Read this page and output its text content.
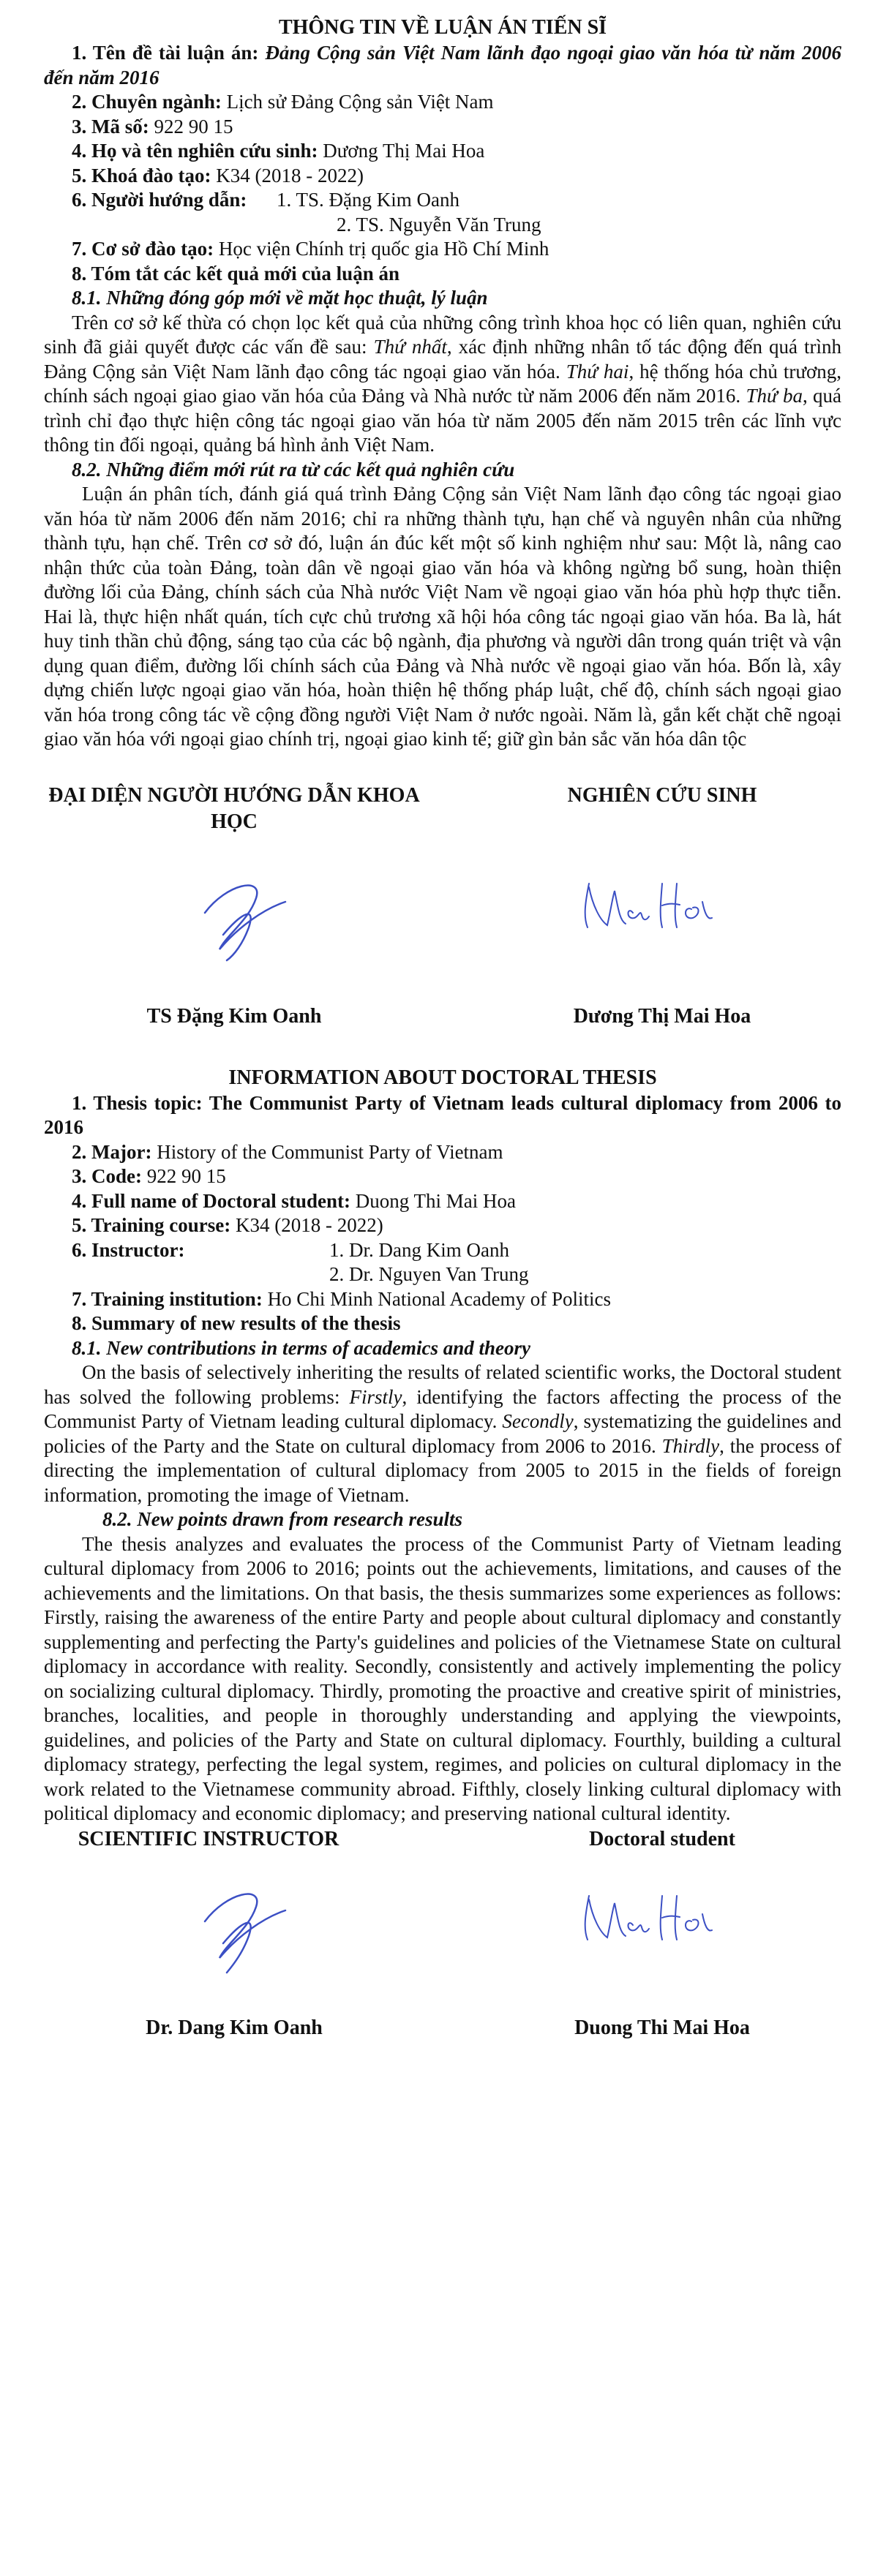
THÔNG TIN VỀ LUẬN ÁN TIẾN SĨ

1. Tên đề tài luận án: Đảng Cộng sản Việt Nam lãnh đạo ngoại giao văn hóa từ năm 2006 đến năm 2016

2. Chuyên ngành: Lịch sử Đảng Cộng sản Việt Nam

3. Mã số: 922 90 15

4. Họ và tên nghiên cứu sinh: Dương Thị Mai Hoa

5. Khoá đào tạo: K34 (2018 - 2022)

6. Người hướng dẫn: 1. TS. Đặng Kim Oanh
2. TS. Nguyễn Văn Trung

7. Cơ sở đào tạo: Học viện Chính trị quốc gia Hồ Chí Minh

8. Tóm tắt các kết quả mới của luận án

8.1. Những đóng góp mới về mặt học thuật, lý luận

Trên cơ sở kế thừa có chọn lọc kết quả của những công trình khoa học có liên quan, nghiên cứu sinh đã giải quyết được các vấn đề sau: Thứ nhất, xác định những nhân tố tác động đến quá trình Đảng Cộng sản Việt Nam lãnh đạo công tác ngoại giao văn hóa. Thứ hai, hệ thống hóa chủ trương, chính sách ngoại giao giao văn hóa của Đảng và Nhà nước từ năm 2006 đến năm 2016. Thứ ba, quá trình chỉ đạo thực hiện công tác ngoại giao văn hóa từ năm 2005 đến năm 2015 trên các lĩnh vực thông tin đối ngoại, quảng bá hình ảnh Việt Nam.

8.2. Những điểm mới rút ra từ các kết quả nghiên cứu

Luận án phân tích, đánh giá quá trình Đảng Cộng sản Việt Nam lãnh đạo công tác ngoại giao văn hóa từ năm 2006 đến năm 2016; chỉ ra những thành tựu, hạn chế và nguyên nhân của những thành tựu, hạn chế. Trên cơ sở đó, luận án đúc kết một số kinh nghiệm như sau: Một là, nâng cao nhận thức của toàn Đảng, toàn dân về ngoại giao văn hóa và không ngừng bổ sung, hoàn thiện đường lối của Đảng, chính sách của Nhà nước Việt Nam về ngoại giao văn hóa phù hợp thực tiễn. Hai là, thực hiện nhất quán, tích cực chủ trương xã hội hóa công tác ngoại giao văn hóa. Ba là, hát huy tinh thần chủ động, sáng tạo của các bộ ngành, địa phương và người dân trong quán triệt và vận dụng quan điểm, đường lối chính sách của Đảng và Nhà nước về ngoại giao văn hóa. Bốn là, xây dựng chiến lược ngoại giao văn hóa, hoàn thiện hệ thống pháp luật, chế độ, chính sách ngoại giao văn hóa trong công tác về cộng đồng người Việt Nam ở nước ngoài. Năm là, gắn kết chặt chẽ ngoại giao văn hóa với ngoại giao chính trị, ngoại giao kinh tế; giữ gìn bản sắc văn hóa dân tộc

ĐẠI DIỆN NGƯỜI HƯỚNG DẪN KHOA HỌC
NGHIÊN CỨU SINH
TS Đặng Kim Oanh	Dương Thị Mai Hoa

INFORMATION ABOUT DOCTORAL THESIS

1. Thesis topic: The Communist Party of Vietnam leads cultural diplomacy from 2006 to 2016

2. Major: History of the Communist Party of Vietnam

3. Code: 922 90 15

4. Full name of Doctoral student: Duong Thi Mai Hoa

5. Training course: K34 (2018 - 2022)

6. Instructor:	1. Dr. Dang Kim Oanh
2. Dr. Nguyen Van Trung

7. Training institution: Ho Chi Minh National Academy of Politics

8. Summary of new results of the thesis

8.1. New contributions in terms of academics and theory

On the basis of selectively inheriting the results of related scientific works, the Doctoral student has solved the following problems: Firstly, identifying the factors affecting the process of the Communist Party of Vietnam leading cultural diplomacy. Secondly, systematizing the guidelines and policies of the Party and the State on cultural diplomacy from 2006 to 2016. Thirdly, the process of directing the implementation of cultural diplomacy from 2005 to 2015 in the fields of foreign information, promoting the image of Vietnam.

8.2. New points drawn from research results

The thesis analyzes and evaluates the process of the Communist Party of Vietnam leading cultural diplomacy from 2006 to 2016; points out the achievements, limitations, and causes of the achievements and the limitations. On that basis, the thesis summarizes some experiences as follows: Firstly, raising the awareness of the entire Party and people about cultural diplomacy and constantly supplementing and perfecting the Party's guidelines and policies of the Vietnamese State on cultural diplomacy in accordance with reality. Secondly, consistently and actively implementing the policy on socializing cultural diplomacy. Thirdly, promoting the proactive and creative spirit of ministries, branches, localities, and people in thoroughly understanding and applying the viewpoints, guidelines, and policies of the Party and State on cultural diplomacy. Fourthly, building a cultural diplomacy strategy, perfecting the legal system, regimes, and policies on cultural diplomacy in the work related to the Vietnamese community abroad. Fifthly, closely linking cultural diplomacy with political diplomacy and economic diplomacy; and preserving national cultural identity.

SCIENTIFIC INSTRUCTOR	Doctoral student
Dr. Dang Kim Oanh	Duong Thi Mai Hoa
